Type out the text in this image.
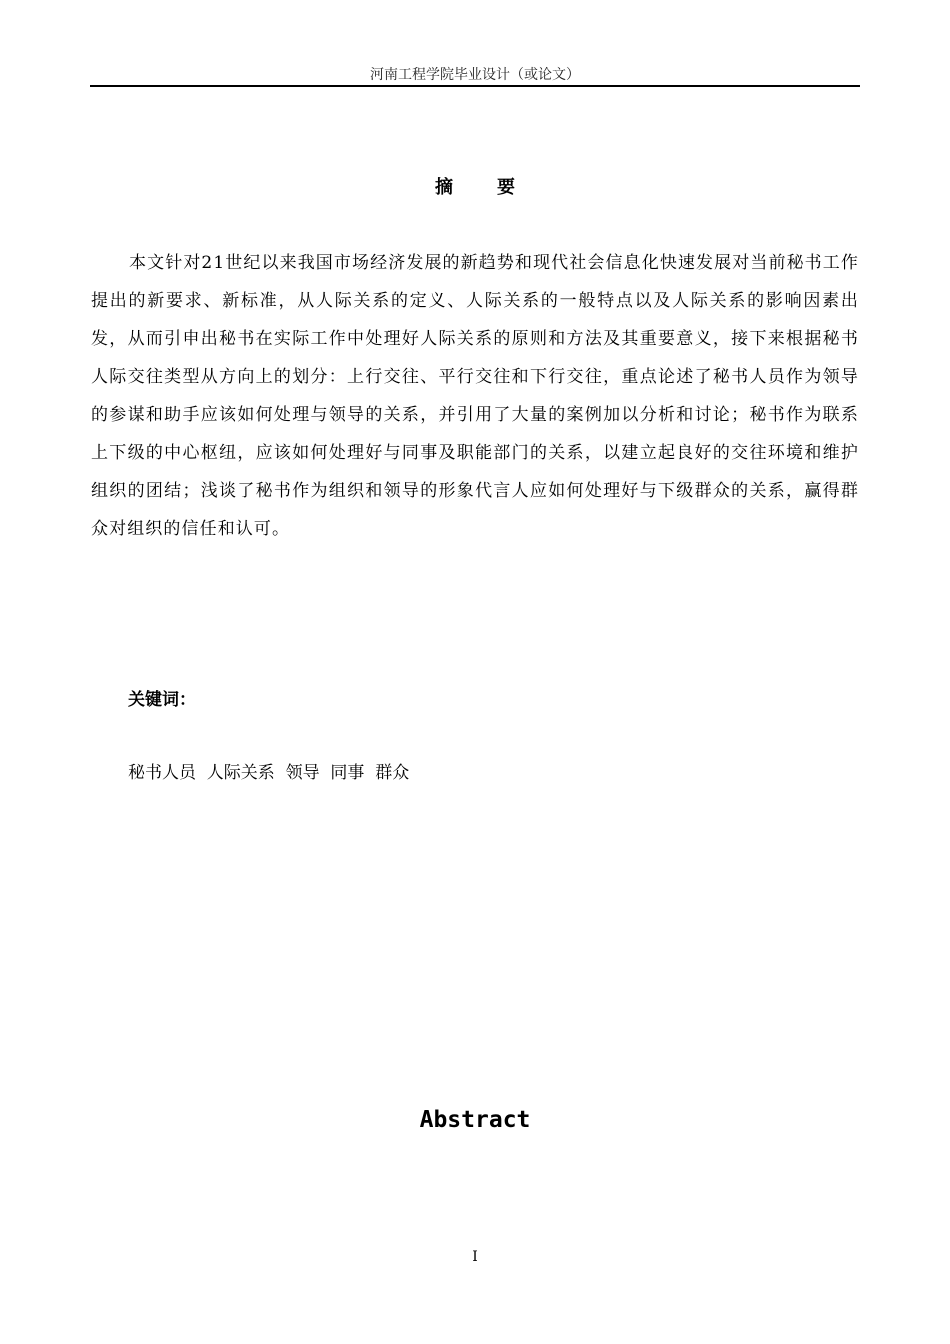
河南工程学院毕业设计（或论文）
摘要

本文针对21世纪以来我国市场经济发展的新趋势和现代社会信息化快速发展对当前秘书工作提出的新要求、新标准，从人际关系的定义、人际关系的一般特点以及人际关系的影响因素出发，从而引申出秘书在实际工作中处理好人际关系的原则和方法及其重要意义，接下来根据秘书人际交往类型从方向上的划分：上行交往、平行交往和下行交往，重点论述了秘书人员作为领导的参谋和助手应该如何处理与领导的关系，并引用了大量的案例加以分析和讨论；秘书作为联系上下级的中心枢纽，应该如何处理好与同事及职能部门的关系，以建立起良好的交往环境和维护组织的团结；浅谈了秘书作为组织和领导的形象代言人应如何处理好与下级群众的关系，赢得群众对组织的信任和认可。

关键词：
秘书人员  人际关系  领导  同事  群众
Abstract
I
